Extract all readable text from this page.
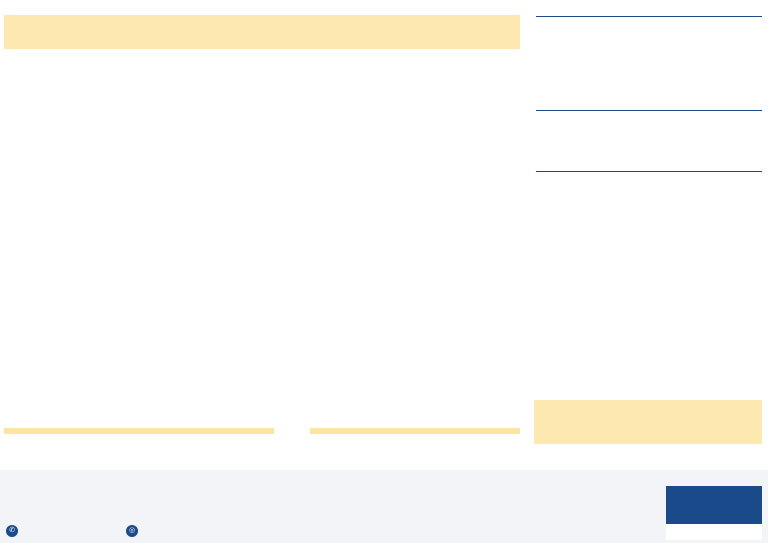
✆	◎
